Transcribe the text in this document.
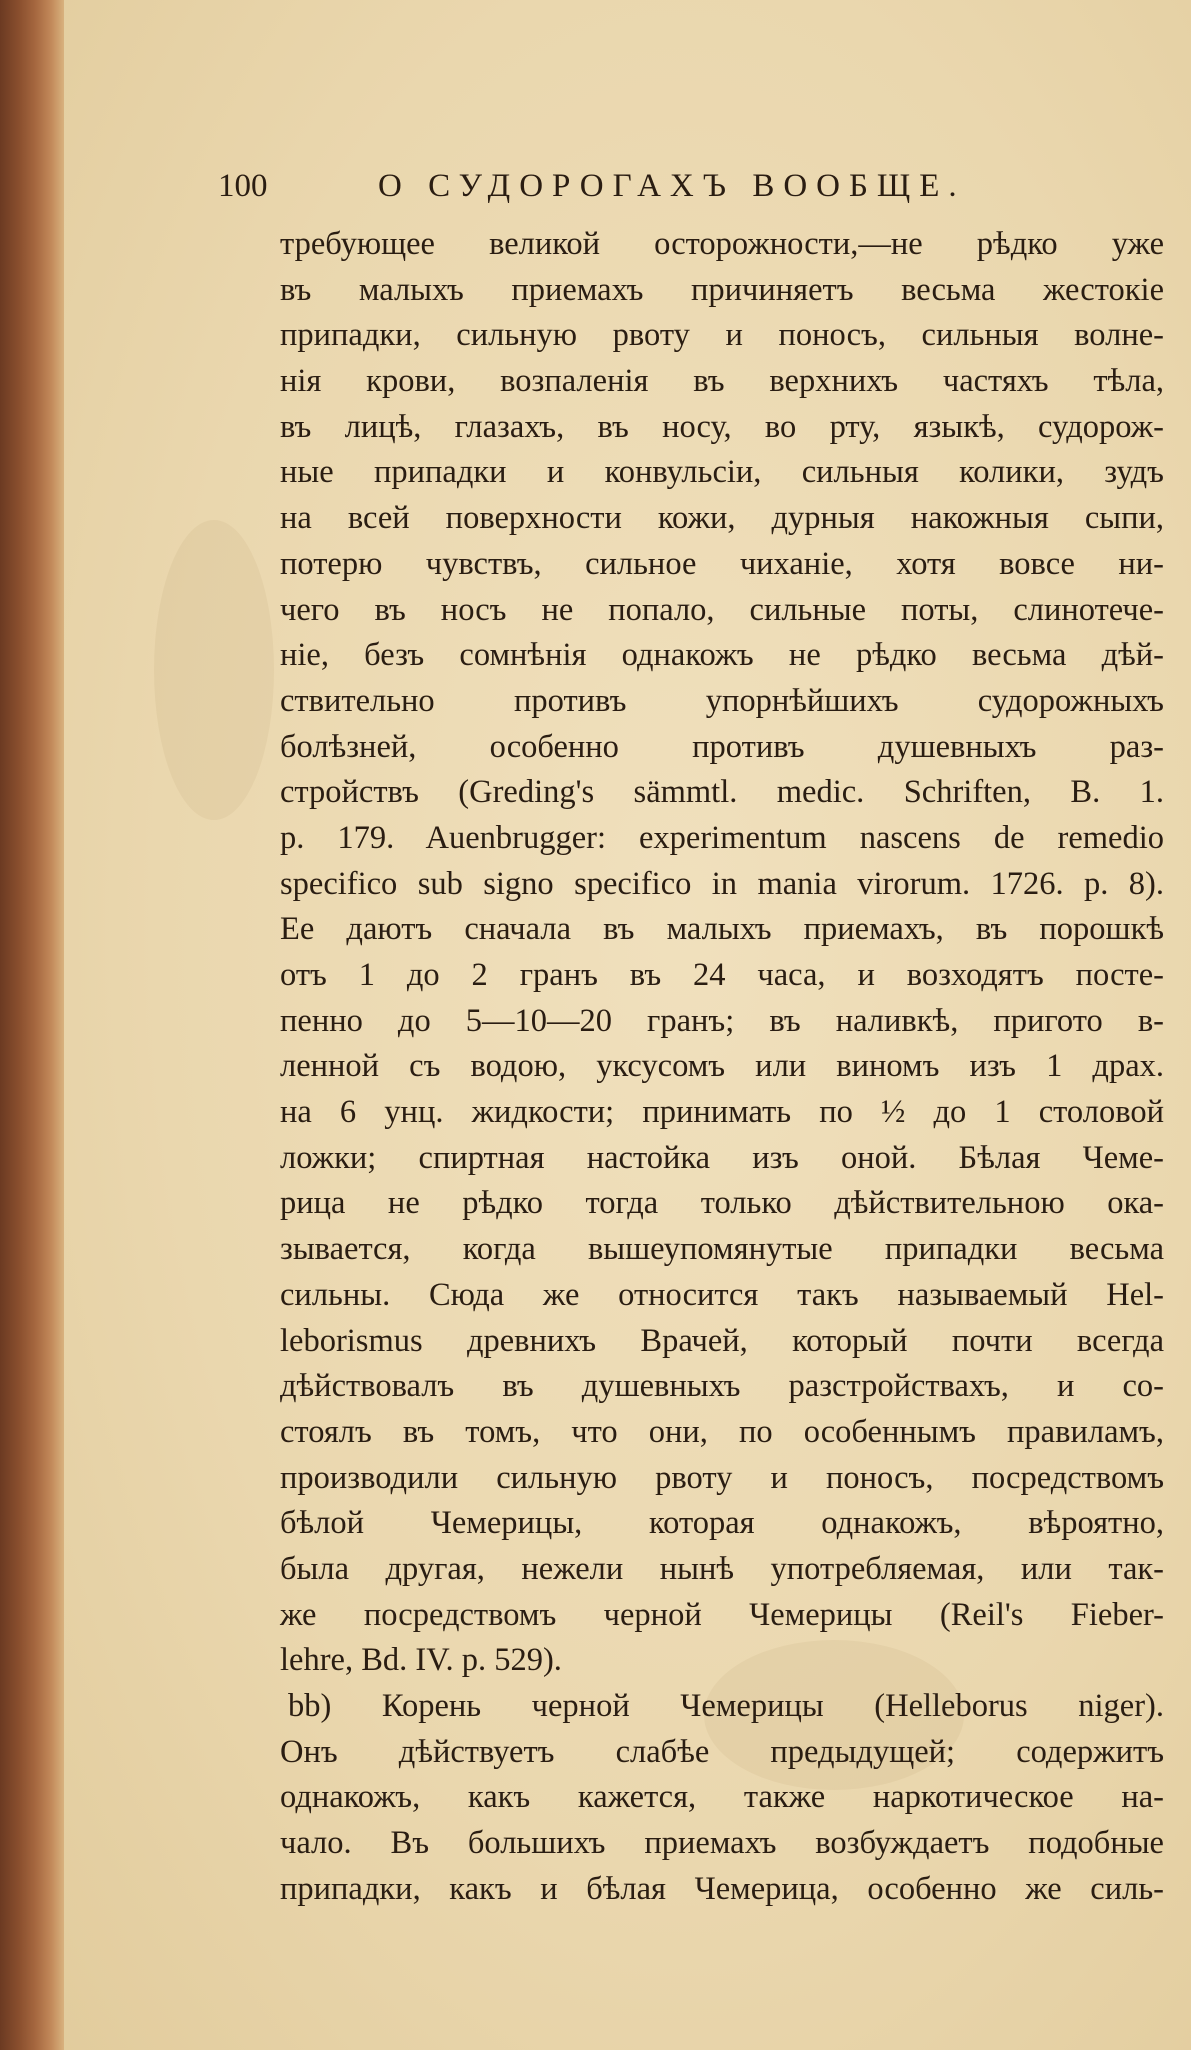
100	О СУДОРОГАХЪ ВООБЩЕ.
требующее великой осторожности,—не рѣдко уже
въ малыхъ приемахъ причиняетъ весьма жестокіе
припадки, сильную рвоту и поносъ, сильныя волне-
нія крови, возпаленія въ верхнихъ частяхъ тѣла,
въ лицѣ, глазахъ, въ носу, во рту, языкѣ, судорож-
ные припадки и конвульсіи, сильныя колики, зудъ
на всей поверхности кожи, дурныя накожныя сыпи,
потерю чувствъ, сильное чиханіе, хотя вовсе ни-
чего въ носъ не попало, сильные поты, слинотече-
ніе, безъ сомнѣнія однакожъ не рѣдко весьма дѣй-
ствительно противъ упорнѣйшихъ судорожныхъ
болѣзней, особенно противъ душевныхъ раз-
стройствъ (Greding's sämmtl. medic. Schriften, B. 1.
p. 179. Auenbrugger: experimentum nascens de remedio
specifico sub signo specifico in mania virorum. 1726. p. 8).
Ее даютъ сначала въ малыхъ приемахъ, въ порошкѣ
отъ 1 до 2 гранъ въ 24 часа, и возходятъ посте-
пенно до 5—10—20 гранъ; въ наливкѣ, пригото в-
ленной съ водою, уксусомъ или виномъ изъ 1 драх.
на 6 унц. жидкости; принимать по ½ до 1 столовой
ложки; спиртная настойка изъ оной. Бѣлая Чеме-
рица не рѣдко тогда только дѣйствительною ока-
зывается, когда вышеупомянутые припадки весьма
сильны. Сюда же относится такъ называемый Hel-
leborismus древнихъ Врачей, который почти всегда
дѣйствовалъ въ душевныхъ разстройствахъ, и со-
стоялъ въ томъ, что они, по особеннымъ правиламъ,
производили сильную рвоту и поносъ, посредствомъ
бѣлой Чемерицы, которая однакожъ, вѣроятно,
была другая, нежели нынѣ употребляемая, или так-
же посредствомъ черной Чемерицы (Reil's Fieber-
lehre, Bd. IV. p. 529).
bb) Корень черной Чемерицы (Helleborus niger).
Онъ дѣйствуетъ слабѣе предыдущей; содержитъ
однакожъ, какъ кажется, также наркотическое на-
чало. Въ большихъ приемахъ возбуждаетъ подобные
припадки, какъ и бѣлая Чемерица, особенно же силь-
